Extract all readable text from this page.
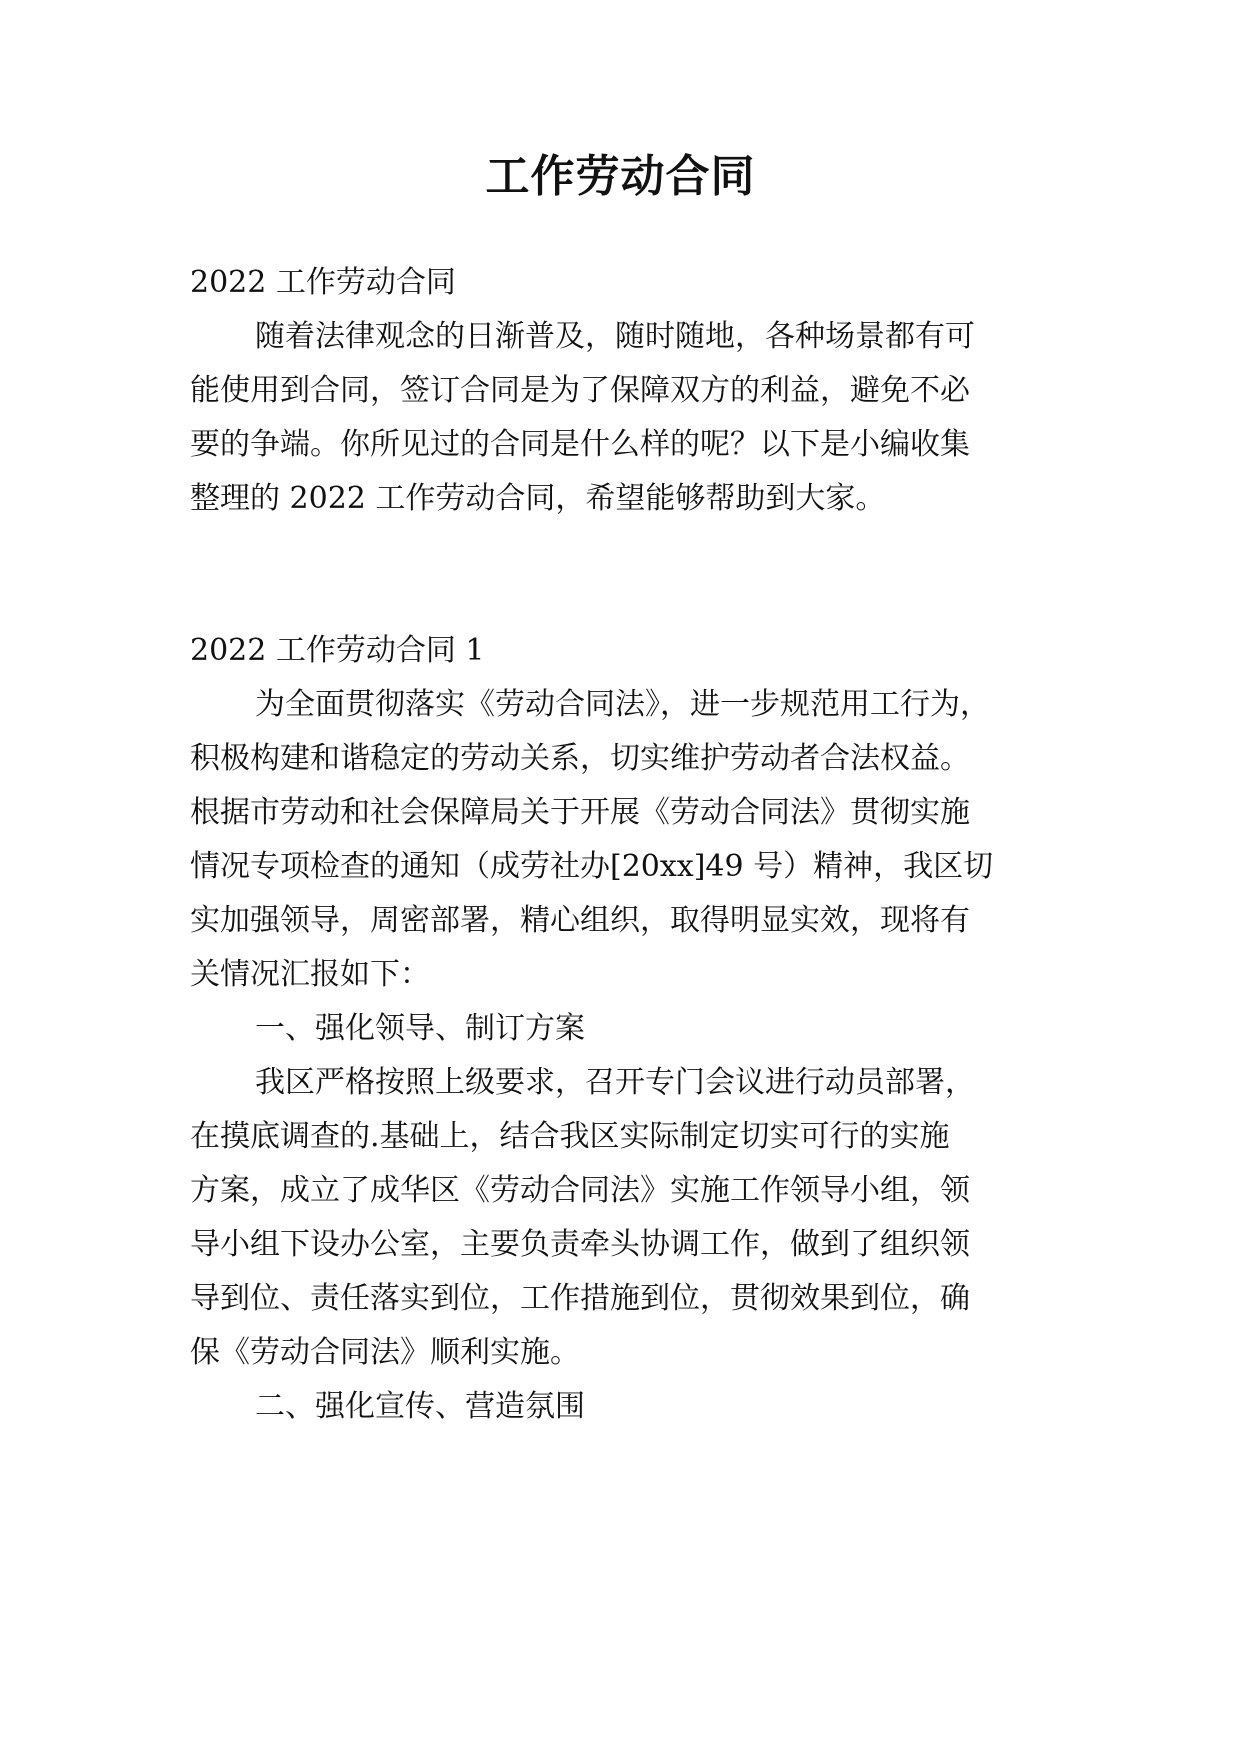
工作劳动合同
2022 工作劳动合同
随着法律观念的日渐普及，随时随地，各种场景都有可
能使用到合同，签订合同是为了保障双方的利益，避免不必
要的争端。你所见过的合同是什么样的呢？以下是小编收集
整理的 2022 工作劳动合同，希望能够帮助到大家。
2022 工作劳动合同 1
为全面贯彻落实《劳动合同法》，进一步规范用工行为，
积极构建和谐稳定的劳动关系，切实维护劳动者合法权益。
根据市劳动和社会保障局关于开展《劳动合同法》贯彻实施
情况专项检查的通知（成劳社办[20xx]49 号）精神，我区切
实加强领导，周密部署，精心组织，取得明显实效，现将有
关情况汇报如下：
一、强化领导、制订方案
我区严格按照上级要求，召开专门会议进行动员部署，
在摸底调查的.基础上，结合我区实际制定切实可行的实施
方案，成立了成华区《劳动合同法》实施工作领导小组，领
导小组下设办公室，主要负责牵头协调工作，做到了组织领
导到位、责任落实到位，工作措施到位，贯彻效果到位，确
保《劳动合同法》顺利实施。
二、强化宣传、营造氛围
